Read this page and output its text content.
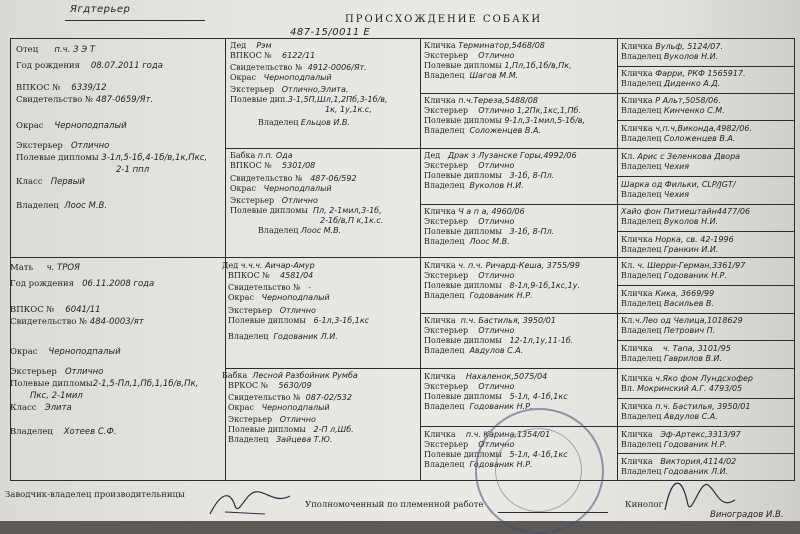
Ягдтерьер
487-15/0011 Е
ПРОИСХОЖДЕНИЕ СОБАКИ
Отец п.ч. З Э Т
Год рождения 08.07.2011 года
ВПКОС № 6339/12
Свидетельство № 487-0659/Ят.
Окрас Черноподпалый
Экстерьер Отлично
Полевые дипломы 3-1л,5-1б,4-1б/в,1к,Пкс,
2-1 ппл
Класс Первый
Владелец Лоос М.В.
Мать ч. ТРОЯ
Год рождения 06.11.2008 года
ВПКОС № 6041/11
Свидетельство № 484-0003/ят
Окрас Черноподпалый
Экстерьер Отлично
Полевые дипломы2-1,5-Пл,1,Пб,1,1б/в,Пк,
Пкс, 2-1мил
Класс Элита
Владелец Хотеев С.Ф.
Дед Рэм
ВПКОС № 6122/11
Свидетельство № 4912-0006/Ят.
Окрас Черноподпалый
Экстерьер Отлично,Элита.
Полевые дип.3-1,5П,Шл,1,2Пб,3-1б/в,
1к, 1у,1к.с,
Владелец Ельцов И.В.
Бабка п.п. Ода
ВПКОС № 5301/08
Свидетельство № 487-06/592
Окрас Черноподпалый
Экстерьер Отлично
Полевые дипломы Пл, 2-1мил,3-1б,
2-1б/в,П к,1к.с.
Владелец Лоос М.В.
Дед ч.ч.ч. Аичар-Амур
ВПКОС № 4581/04
Свидетельство № -
Окрас Черноподпалый
Экстерьер Отлично
Полевые дипломы 6-1л,3-1б,1кс
Владелец Годованик Л.И.
Бабка Лесной Разбойник Румба
ВРКОС № 5630/09
Свидетельство № 087-02/532
Окрас Черноподпалый
Экстерьер Отлично
Полевые дипломы 2-П л,Шб.
Владелец Зайцева Т.Ю.
Кличка Терминатор,5468/08
Экстерьер Отлично
Полевые дипломы 1,Пл,1б,1б/в,Пк,
Владелец Шагов М.М.
Кличка п.ч.Тереза,5488/08
Экстерьер Отлично 1,2Пк,1кс,1,Пб.
Полевые дипломы 9-1л,3-1мил,5-1б/в,
Владелец Соложенцев В.А.
Дед Драк з Лузанске Горы,4992/06
Экстерьер Отлично
Полевые дипломы 3-1б, 8-Пл.
Владелец Вуколов Н.И.
Кличка Ч а п а, 4960/06
Экстерьер Отлично
Полевые дипломы 3-1б, 8-Пл.
Владелец Лоос М.В.
Кличка ч. п.ч. Ричард-Кеша, 3755/99
Экстерьер Отлично
Полевые дипломы 8-1л,9-1б,1кс,1у.
Владелец Годованик Н.Р.
Кличка п.ч. Бастилья, 3950/01
Экстерьер Отлично
Полевые дипломы 12-1л,1у,11-1б.
Владелец Авдулов С.А.
Кличка Нахаленок,5075/04
Экстерьер Отлично
Полевые дипломы 5-1л, 4-1б,1кс
Владелец Годованик Н.Р.
Кличка п.ч. Карина,1354/01
Экстерьер Отлично
Полевые дипломы 5-1л, 4-1б,1кс
Владелец Годованик Н.Р.
Кличка Вульф, 5124/07.
Владелец Вуколов Н.И.
Кличка Фарри, РКФ 1565917.
Владелец Диденко А.Д.
Кличка Р Альт,5058/06.
Владелец Кинченко С.М.
Кличка ч,п.ч,Виконда,4982/06.
Владелец Соложенцев В.А.
Кл. Арис с Зеленкова Двора
Владелец Чехия
Шарка од Фильки, CLP/JGT/
Владелец Чехия
Хайо фон Питиештайн4477/06
Владелец Вуколов Н.И.
Кличка Норка, св. 42-1996
Владелец Гранкин И.И.
Кл. ч. Шерри-Герман,3361/97
Владелец Годованик Н.Р.
Кличка Кика, 3669/99
Владелец Васильев В.
Кл.ч.Лео од Челица,1018629
Владелец Петрович П.
Кличка ч. Тапа, 3101/95
Владелец Гаврилов В.И.
Кличка ч.Яко фом Лундсхофер
Вл. Мокринский А.Г. 4793/05
Кличка п.ч. Бастилья, 3950/01
Владелец Авдулов С.А.
Кличка Эф-Артекс,3313/97
Владелец Годованик Н.Р.
Кличка Виктория,4114/02
Владелец Годованик Л.И.
Заводчик-владелец производительницы
Уполномоченный по племенной работе	Кинолог
Виноградов И.В.
